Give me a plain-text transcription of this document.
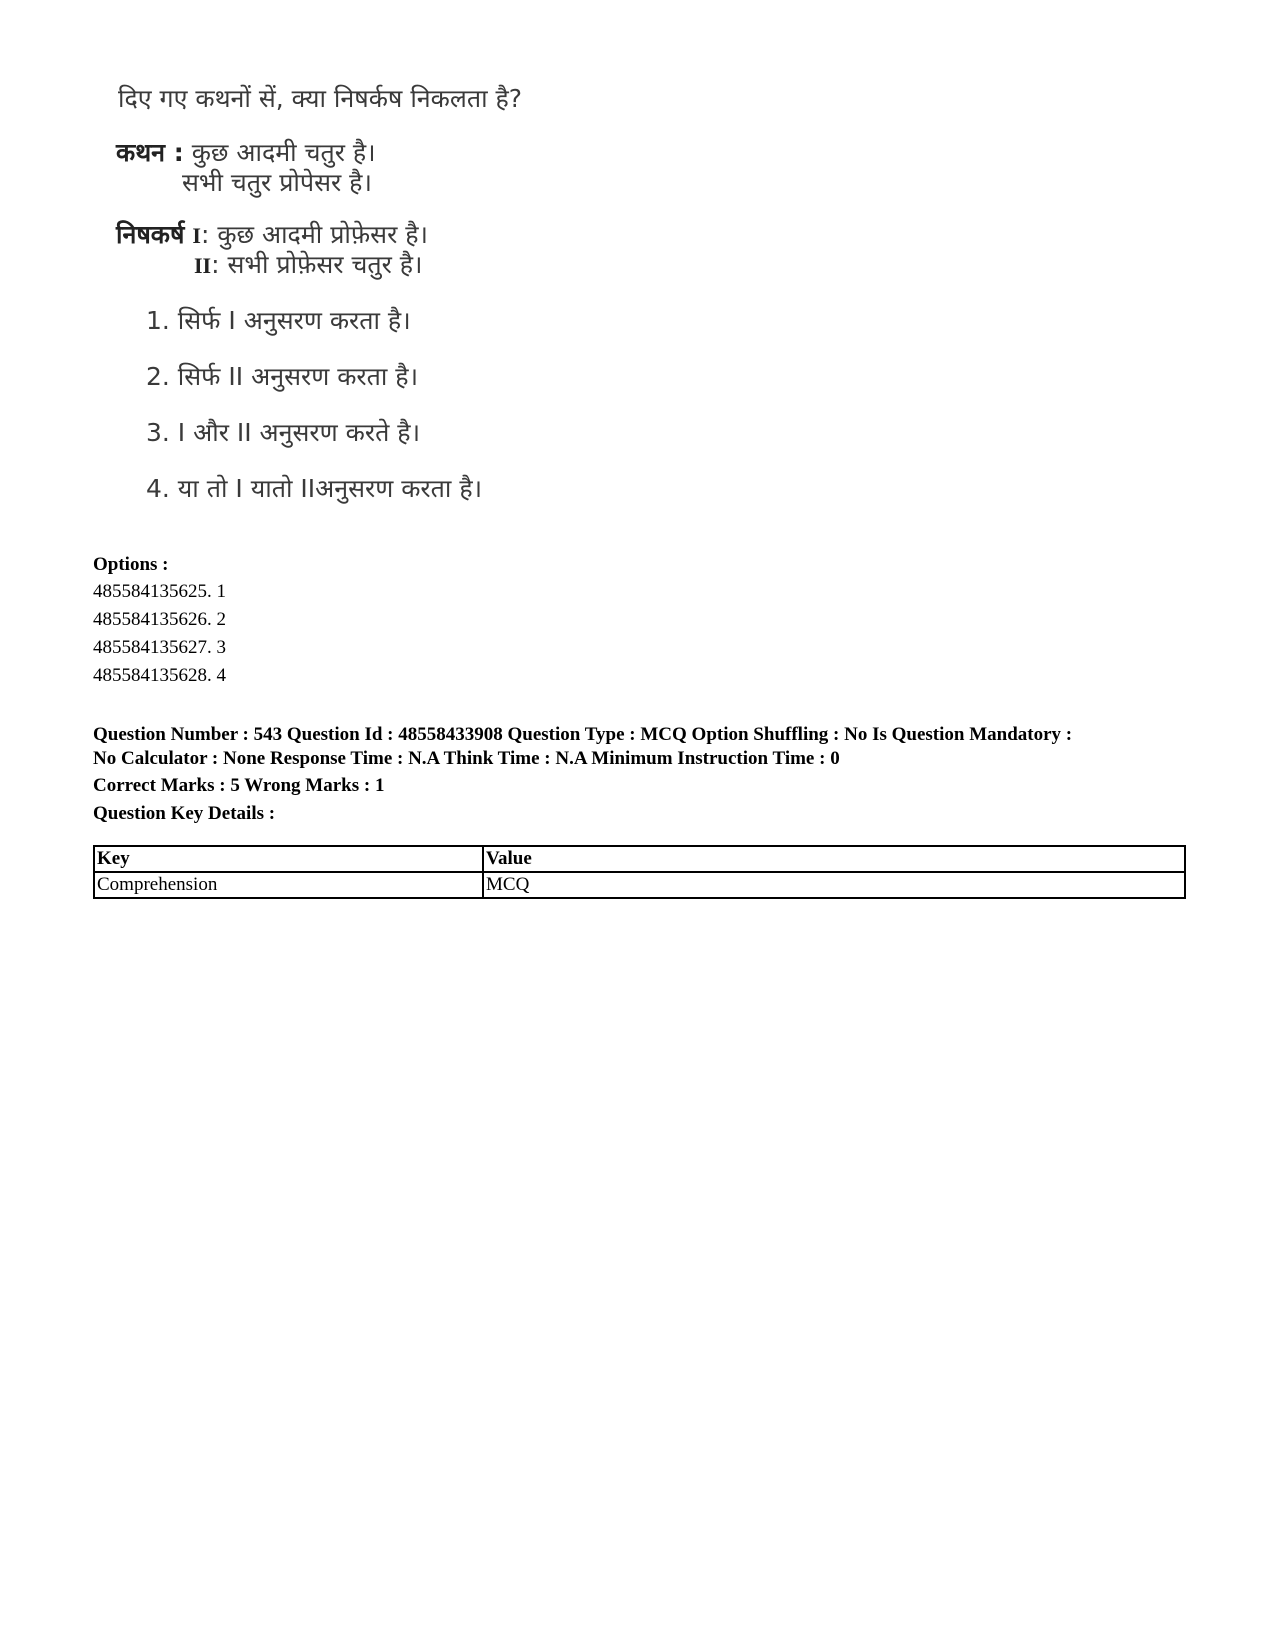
दिए गए कथनों सें, क्या निषर्कष निकलता है?
कथन : कुछ आदमी चतुर है।
सभी चतुर प्रोपेसर है।
निषकर्ष I: कुछ आदमी प्रोफ़ेसर है।
II: सभी प्रोफ़ेसर चतुर है।
1. सिर्फ I अनुसरण करता है।
2. सिर्फ II अनुसरण करता है।
3. I और II अनुसरण करते है।
4. या तो I यातो IIअनुसरण करता है।
Options :
485584135625. 1
485584135626. 2
485584135627. 3
485584135628. 4
Question Number : 543 Question Id : 48558433908 Question Type : MCQ Option Shuffling : No Is Question Mandatory :
No Calculator : None Response Time : N.A Think Time : N.A Minimum Instruction Time : 0
Correct Marks : 5 Wrong Marks : 1
Question Key Details :
Key	Value
Comprehension	MCQ
